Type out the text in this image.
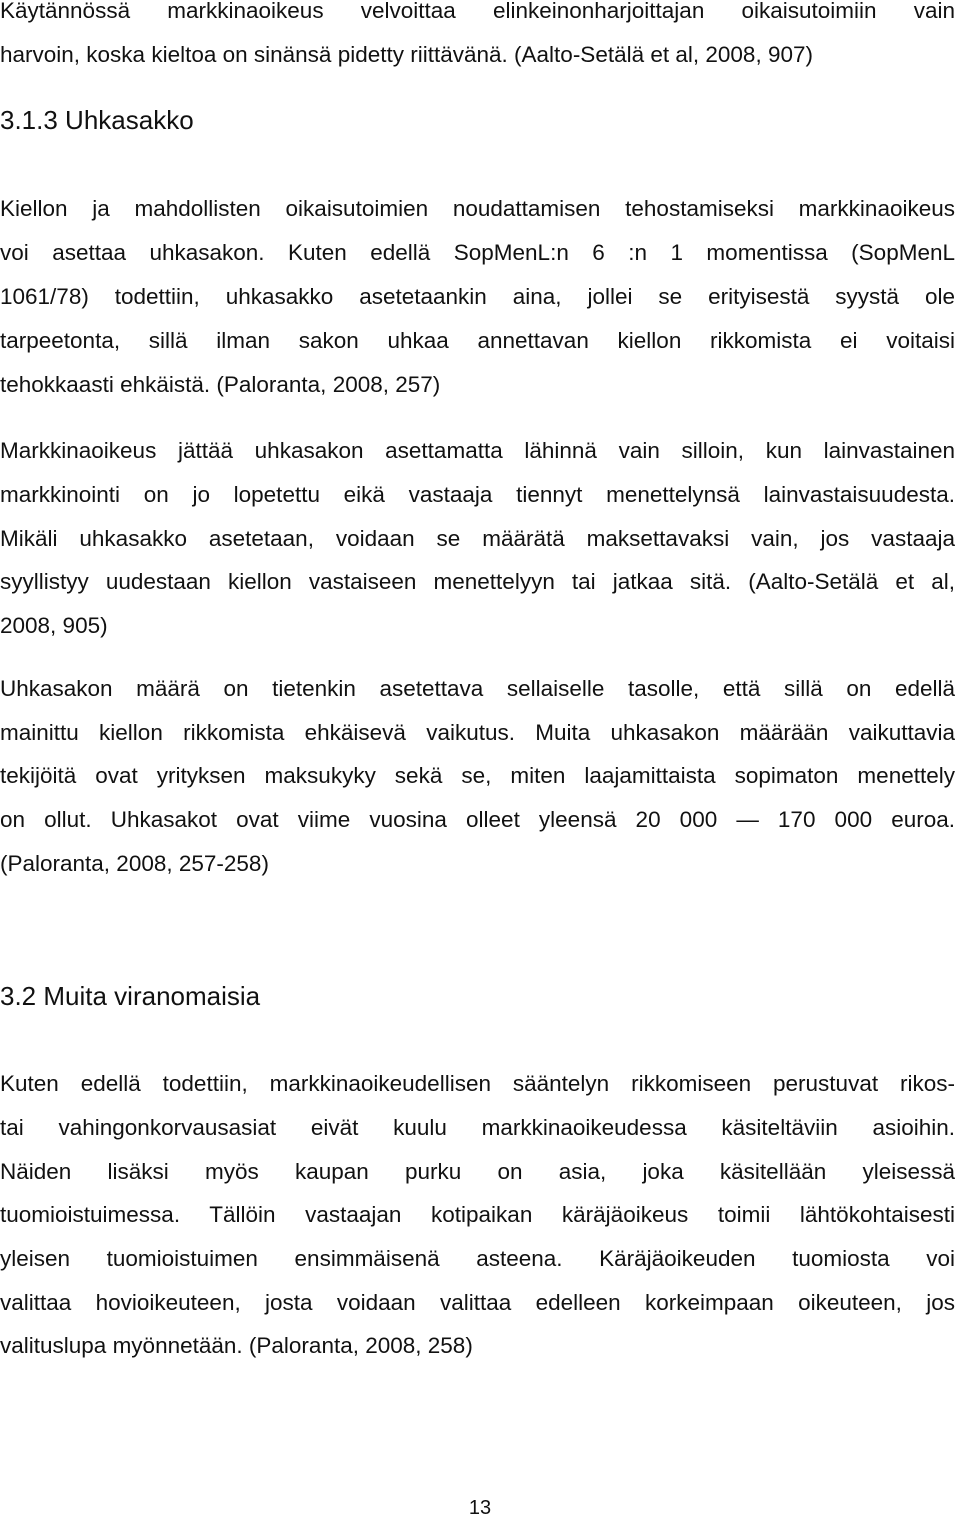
Käytännössä markkinaoikeus velvoittaa elinkeinonharjoittajan oikaisutoimiin vain
harvoin, koska kieltoa on sinänsä pidetty riittävänä. (Aalto-Setälä et al, 2008, 907)
3.1.3 Uhkasakko
Kiellon ja mahdollisten oikaisutoimien noudattamisen tehostamiseksi markkinaoikeus
voi asettaa uhkasakon. Kuten edellä SopMenL:n 6 :n 1 momentissa (SopMenL
1061/78) todettiin, uhkasakko asetetaankin aina, jollei se erityisestä syystä ole
tarpeetonta, sillä ilman sakon uhkaa annettavan kiellon rikkomista ei voitaisi
tehokkaasti ehkäistä. (Paloranta, 2008, 257)
Markkinaoikeus jättää uhkasakon asettamatta lähinnä vain silloin, kun lainvastainen
markkinointi on jo lopetettu eikä vastaaja tiennyt menettelynsä lainvastaisuudesta.
Mikäli uhkasakko asetetaan, voidaan se määrätä maksettavaksi vain, jos vastaaja
syyllistyy uudestaan kiellon vastaiseen menettelyyn tai jatkaa sitä. (Aalto-Setälä et al,
2008, 905)
Uhkasakon määrä on tietenkin asetettava sellaiselle tasolle, että sillä on edellä
mainittu kiellon rikkomista ehkäisevä vaikutus. Muita uhkasakon määrään vaikuttavia
tekijöitä ovat yrityksen maksukyky sekä se, miten laajamittaista sopimaton menettely
on ollut. Uhkasakot ovat viime vuosina olleet yleensä 20 000 — 170 000 euroa.
(Paloranta, 2008, 257-258)
3.2 Muita viranomaisia
Kuten edellä todettiin, markkinaoikeudellisen sääntelyn rikkomiseen perustuvat rikos-
tai vahingonkorvausasiat eivät kuulu markkinaoikeudessa käsiteltäviin asioihin.
Näiden lisäksi myös kaupan purku on asia, joka käsitellään yleisessä
tuomioistuimessa. Tällöin vastaajan kotipaikan käräjäoikeus toimii lähtökohtaisesti
yleisen tuomioistuimen ensimmäisenä asteena. Käräjäoikeuden tuomiosta voi
valittaa hovioikeuteen, josta voidaan valittaa edelleen korkeimpaan oikeuteen, jos
valituslupa myönnetään. (Paloranta, 2008, 258)
13
